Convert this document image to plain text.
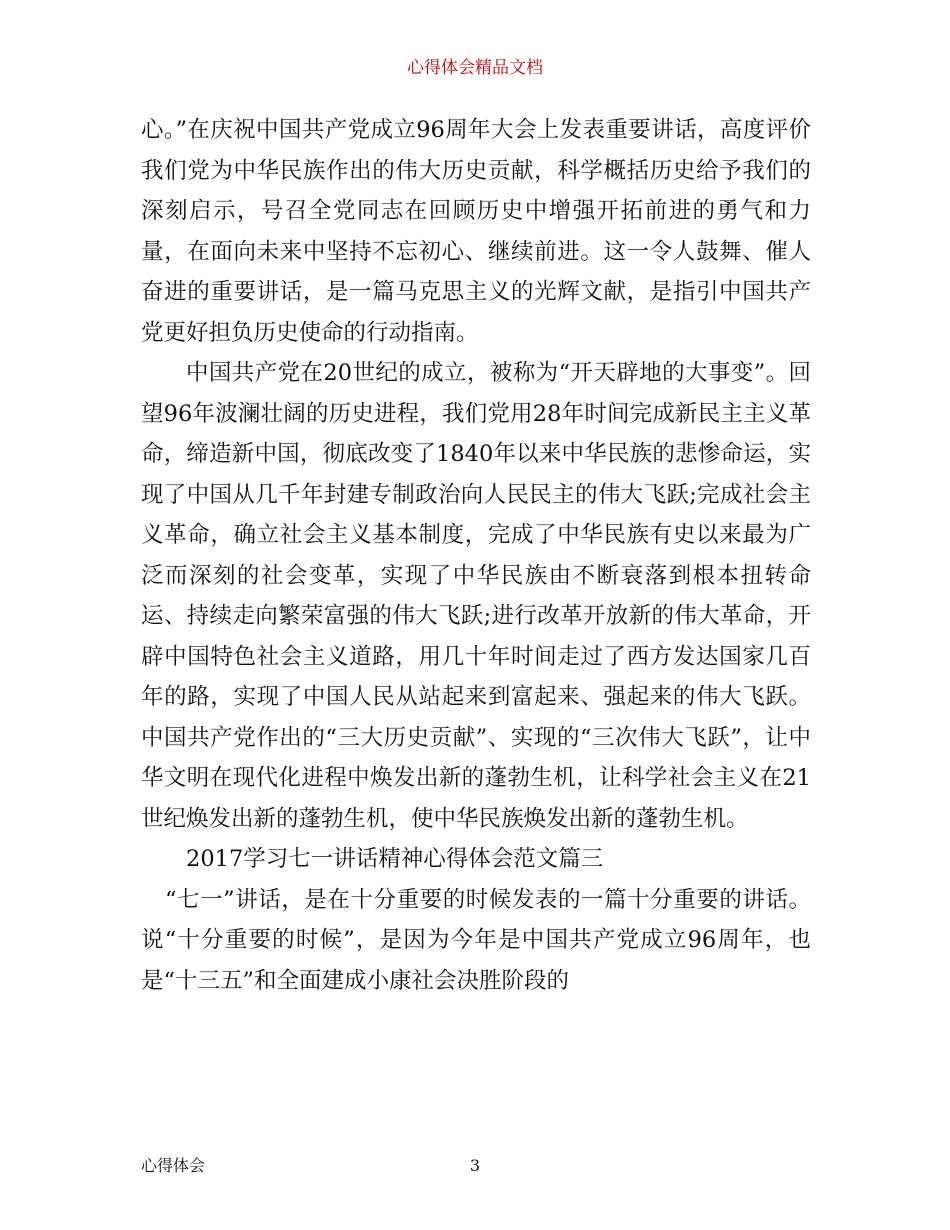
心得体会精品文档

心。”在庆祝中国共产党成立96周年大会上发表重要讲话，高度评价我们党为中华民族作出的伟大历史贡献，科学概括历史给予我们的深刻启示，号召全党同志在回顾历史中增强开拓前进的勇气和力量，在面向未来中坚持不忘初心、继续前进。这一令人鼓舞、催人奋进的重要讲话，是一篇马克思主义的光辉文献，是指引中国共产党更好担负历史使命的行动指南。

中国共产党在20世纪的成立，被称为“开天辟地的大事变”。回望96年波澜壮阔的历史进程，我们党用28年时间完成新民主主义革命，缔造新中国，彻底改变了1840年以来中华民族的悲惨命运，实现了中国从几千年封建专制政治向人民民主的伟大飞跃;完成社会主义革命，确立社会主义基本制度，完成了中华民族有史以来最为广泛而深刻的社会变革，实现了中华民族由不断衰落到根本扭转命运、持续走向繁荣富强的伟大飞跃;进行改革开放新的伟大革命，开辟中国特色社会主义道路，用几十年时间走过了西方发达国家几百年的路，实现了中国人民从站起来到富起来、强起来的伟大飞跃。中国共产党作出的“三大历史贡献”、实现的“三次伟大飞跃”，让中华文明在现代化进程中焕发出新的蓬勃生机，让科学社会主义在21世纪焕发出新的蓬勃生机，使中华民族焕发出新的蓬勃生机。

2017学习七一讲话精神心得体会范文篇三

“七一”讲话，是在十分重要的时候发表的一篇十分重要的讲话。说“十分重要的时候”，是因为今年是中国共产党成立96周年，也是“十三五”和全面建成小康社会决胜阶段的

心得体会	3
